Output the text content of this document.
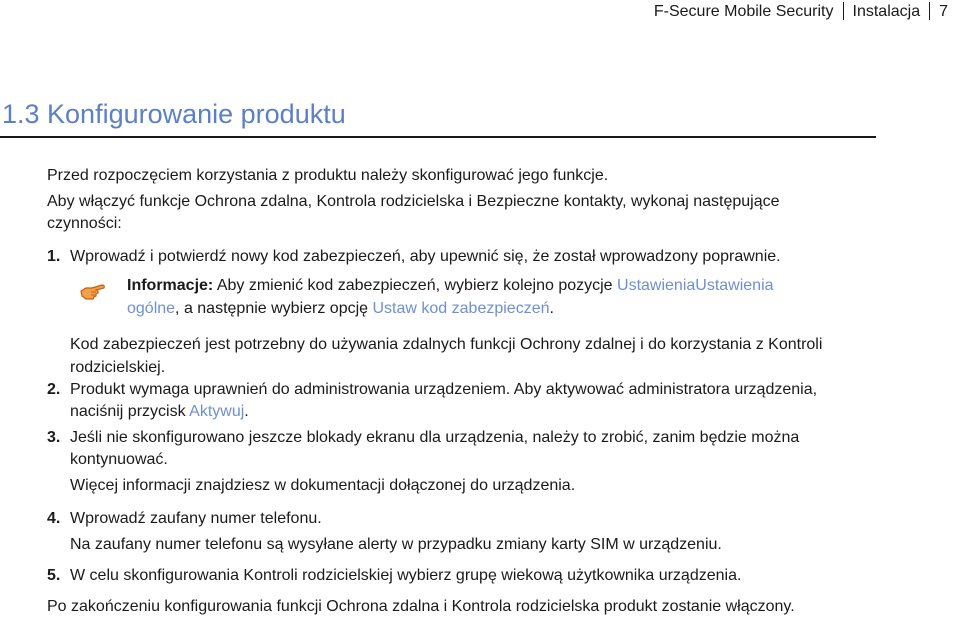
F-Secure Mobile Security Instalacja 7
1.3 Konfigurowanie produktu
Przed rozpoczęciem korzystania z produktu należy skonfigurować jego funkcje.
Aby włączyć funkcje Ochrona zdalna, Kontrola rodzicielska i Bezpieczne kontakty, wykonaj następujące
czynności:
1. Wprowadź i potwierdź nowy kod zabezpieczeń, aby upewnić się, że został wprowadzony poprawnie.
Informacje: Aby zmienić kod zabezpieczeń, wybierz kolejno pozycje UstawieniaUstawienia
ogólne, a następnie wybierz opcję Ustaw kod zabezpieczeń.
Kod zabezpieczeń jest potrzebny do używania zdalnych funkcji Ochrony zdalnej i do korzystania z Kontroli
rodzicielskiej.
2. Produkt wymaga uprawnień do administrowania urządzeniem. Aby aktywować administratora urządzenia,
naciśnij przycisk Aktywuj.
3. Jeśli nie skonfigurowano jeszcze blokady ekranu dla urządzenia, należy to zrobić, zanim będzie można
kontynuować.
Więcej informacji znajdziesz w dokumentacji dołączonej do urządzenia.
4. Wprowadź zaufany numer telefonu.
Na zaufany numer telefonu są wysyłane alerty w przypadku zmiany karty SIM w urządzeniu.
5. W celu skonfigurowania Kontroli rodzicielskiej wybierz grupę wiekową użytkownika urządzenia.
Po zakończeniu konfigurowania funkcji Ochrona zdalna i Kontrola rodzicielska produkt zostanie włączony.
